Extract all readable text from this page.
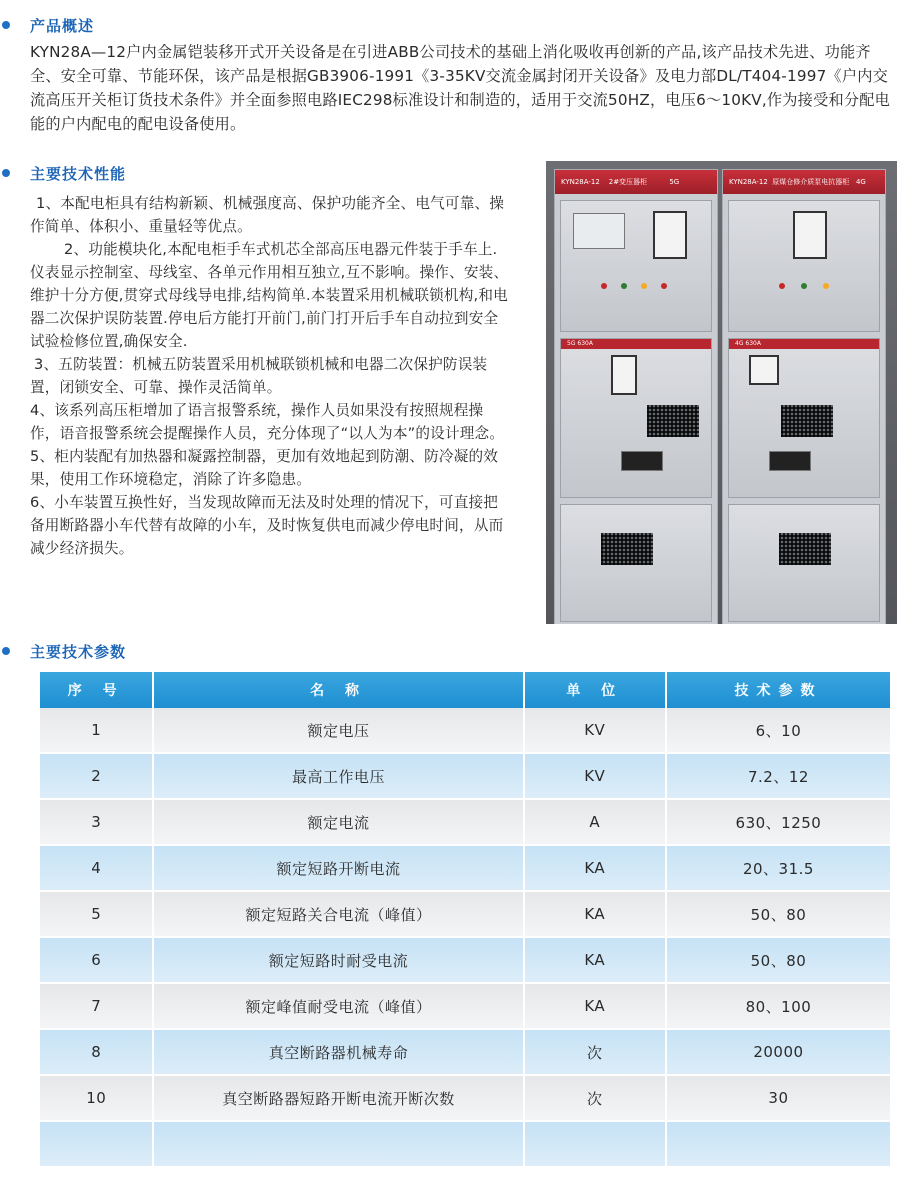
产品概述

KYN28A—12户内金属铠装移开式开关设备是在引进ABB公司技术的基础上消化吸收再创新的产品,该产品技术先进、功能齐全、安全可靠、节能环保，该产品是根据GB3906-1991《3-35KV交流金属封闭开关设备》及电力部DL/T404-1997《户内交流高压开关柜订货技术条件》并全面参照电路IEC298标准设计和制造的，适用于交流50HZ，电压6～10KV,作为接受和分配电能的户内配电的配电设备使用。

主要技术性能

1、本配电柜具有结构新颖、机械强度高、保护功能齐全、电气可靠、操作简单、体积小、重量轻等优点。

2、功能模块化,本配电柜手车式机芯全部高压电器元件装于手车上.仪表显示控制室、母线室、各单元作用相互独立,互不影响。操作、安装、维护十分方便,贯穿式母线导电排,结构简单.本装置采用机械联锁机构,和电器二次保护误防装置.停电后方能打开前门,前门打开后手车自动拉到安全试验检修位置,确保安全.

3、五防装置：机械五防装置采用机械联锁机械和电器二次保护防误装置，闭锁安全、可靠、操作灵活简单。

4、该系列高压柜增加了语言报警系统，操作人员如果没有按照规程操作，语音报警系统会提醒操作人员，充分体现了“以人为本”的设计理念。

5、柜内装配有加热器和凝露控制器，更加有效地起到防潮、防冷凝的效果，使用工作环境稳定，消除了许多隐患。

6、小车装置互换性好，当发现故障而无法及时处理的情况下，可直接把备用断路器小车代替有故障的小车，及时恢复供电而减少停电时间，从而减少经济损失。

KYN28A-12 2#变压器柜	5G
5G 630A
KYN28A-12 原煤仓修介质泵电抗器柜 4G
4G 630A
主要技术参数
序 号	名 称	单 位	技术参数
1	额定电压	KV	6、10
2	最高工作电压	KV	7.2、12
3	额定电流	A	630、1250
4	额定短路开断电流	KA	20、31.5
5	额定短路关合电流（峰值）	KA	50、80
6	额定短路时耐受电流	KA	50、80
7	额定峰值耐受电流（峰值）	KA	80、100
8	真空断路器机械寿命	次	20000
10	真空断路器短路开断电流开断次数	次	30
